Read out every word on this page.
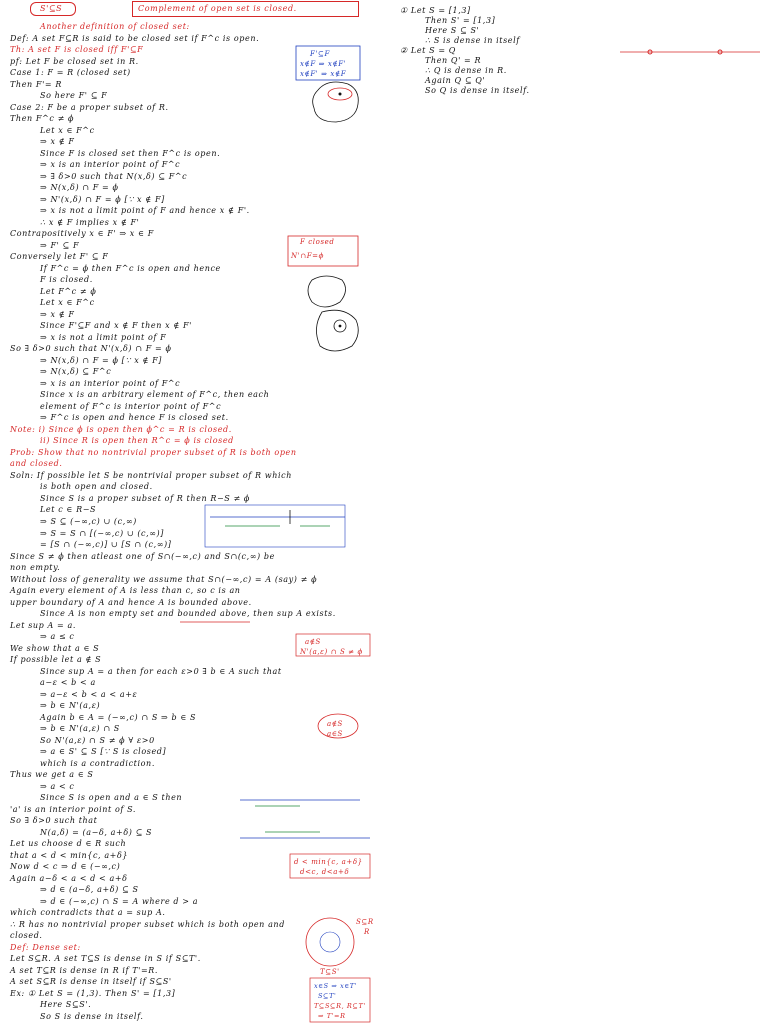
S'⊆S	Complement of open set is closed.
Another definition of closed set:
Def: A set F⊆R is said to be closed set if F^c is open.
Th: A set F is closed iff F'⊆F
pf: Let F be closed set in R.
Case 1: F = R (closed set)
Then F'= R
So here F' ⊆ F
Case 2: F be a proper subset of R.
Then F^c ≠ ϕ
Let x ∈ F^c
⇒ x ∉ F
Since F is closed set then F^c is open.
⇒ x is an interior point of F^c
⇒ ∃ δ>0 such that N(x,δ) ⊆ F^c
⇒ N(x,δ) ∩ F = ϕ
⇒ N'(x,δ) ∩ F = ϕ [∵ x ∉ F]
⇒ x is not a limit point of F and hence x ∉ F'.
∴ x ∉ F implies x ∉ F'
Contrapositively x ∈ F' ⇒ x ∈ F
⇒ F' ⊆ F
Conversely let F' ⊆ F
If F^c = ϕ then F^c is open and hence
F is closed.
Let F^c ≠ ϕ
Let x ∈ F^c
⇒ x ∉ F
Since F'⊆F and x ∉ F then x ∉ F'
⇒ x is not a limit point of F
So ∃ δ>0 such that N'(x,δ) ∩ F = ϕ
⇒ N(x,δ) ∩ F = ϕ [∵ x ∉ F]
⇒ N(x,δ) ⊆ F^c
⇒ x is an interior point of F^c
Since x is an arbitrary element of F^c, then each
element of F^c is interior point of F^c
⇒ F^c is open and hence F is closed set.
Note: i) Since ϕ is open then ϕ^c = R is closed.
ii) Since R is open then R^c = ϕ is closed
Prob: Show that no nontrivial proper subset of R is both open
and closed.
Soln: If possible let S be nontrivial proper subset of R which
is both open and closed.
Since S is a proper subset of R then R−S ≠ ϕ
Let c ∈ R−S
⇒ S ⊆ (−∞,c) ∪ (c,∞)
⇒ S = S ∩ [(−∞,c) ∪ (c,∞)]
= [S ∩ (−∞,c)] ∪ [S ∩ (c,∞)]
Since S ≠ ϕ then atleast one of S∩(−∞,c) and S∩(c,∞) be
non empty.
Without loss of generality we assume that S∩(−∞,c) = A (say) ≠ ϕ
Again every element of A is less than c, so c is an
upper boundary of A and hence A is bounded above.
Since A is non empty set and bounded above, then sup A exists.
Let sup A = a.
⇒ a ≤ c
We show that a ∈ S
If possible let a ∉ S
Since sup A = a then for each ε>0 ∃ b ∈ A such that
a−ε < b < a
⇒ a−ε < b < a < a+ε
⇒ b ∈ N'(a,ε)
Again b ∈ A = (−∞,c) ∩ S ⇒ b ∈ S
⇒ b ∈ N'(a,ε) ∩ S
So N'(a,ε) ∩ S ≠ ϕ ∀ ε>0
⇒ a ∈ S' ⊆ S [∵ S is closed]
which is a contradiction.
Thus we get a ∈ S
⇒ a < c
Since S is open and a ∈ S then
'a' is an interior point of S.
So ∃ δ>0 such that
N(a,δ) = (a−δ, a+δ) ⊆ S
Let us choose d ∈ R such
that a < d < min{c, a+δ}
Now d < c ⇒ d ∈ (−∞,c)
Again a−δ < a < d < a+δ
⇒ d ∈ (a−δ, a+δ) ⊆ S
⇒ d ∈ (−∞,c) ∩ S = A where d > a
which contradicts that a = sup A.
∴ R has no nontrivial proper subset which is both open and
closed.
Def: Dense set:
Let S⊆R. A set T⊆S is dense in S if S⊆T'.
A set T⊆R is dense in R if T'=R.
A set S⊆R is dense in itself if S⊆S'
Ex: ① Let S = (1,3). Then S' = [1,3]
Here S⊆S'.
So S is dense in itself.
① Let S = [1,3]
Then S' = [1,3]
Here S ⊆ S'
∴ S is dense in itself
② Let S = Q
Then Q' = R
∴ Q is dense in R.
Again Q ⊆ Q'
So Q is dense in itself.
F'⊆F
x∉F ⇒ x∉F'
x∉F' ⇒ x∉F
F closed
N'∩F=ϕ
a∉S
N'(a,ε) ∩ S ≠ ϕ
a∉S
a∈S
d < min{c, a+δ}
d<c, d<a+δ
S⊆R
R
T⊆S'
x∈S ⇒ x∈T'
S⊆T'
T⊆S⊆R, R⊆T'
⇒ T'=R
